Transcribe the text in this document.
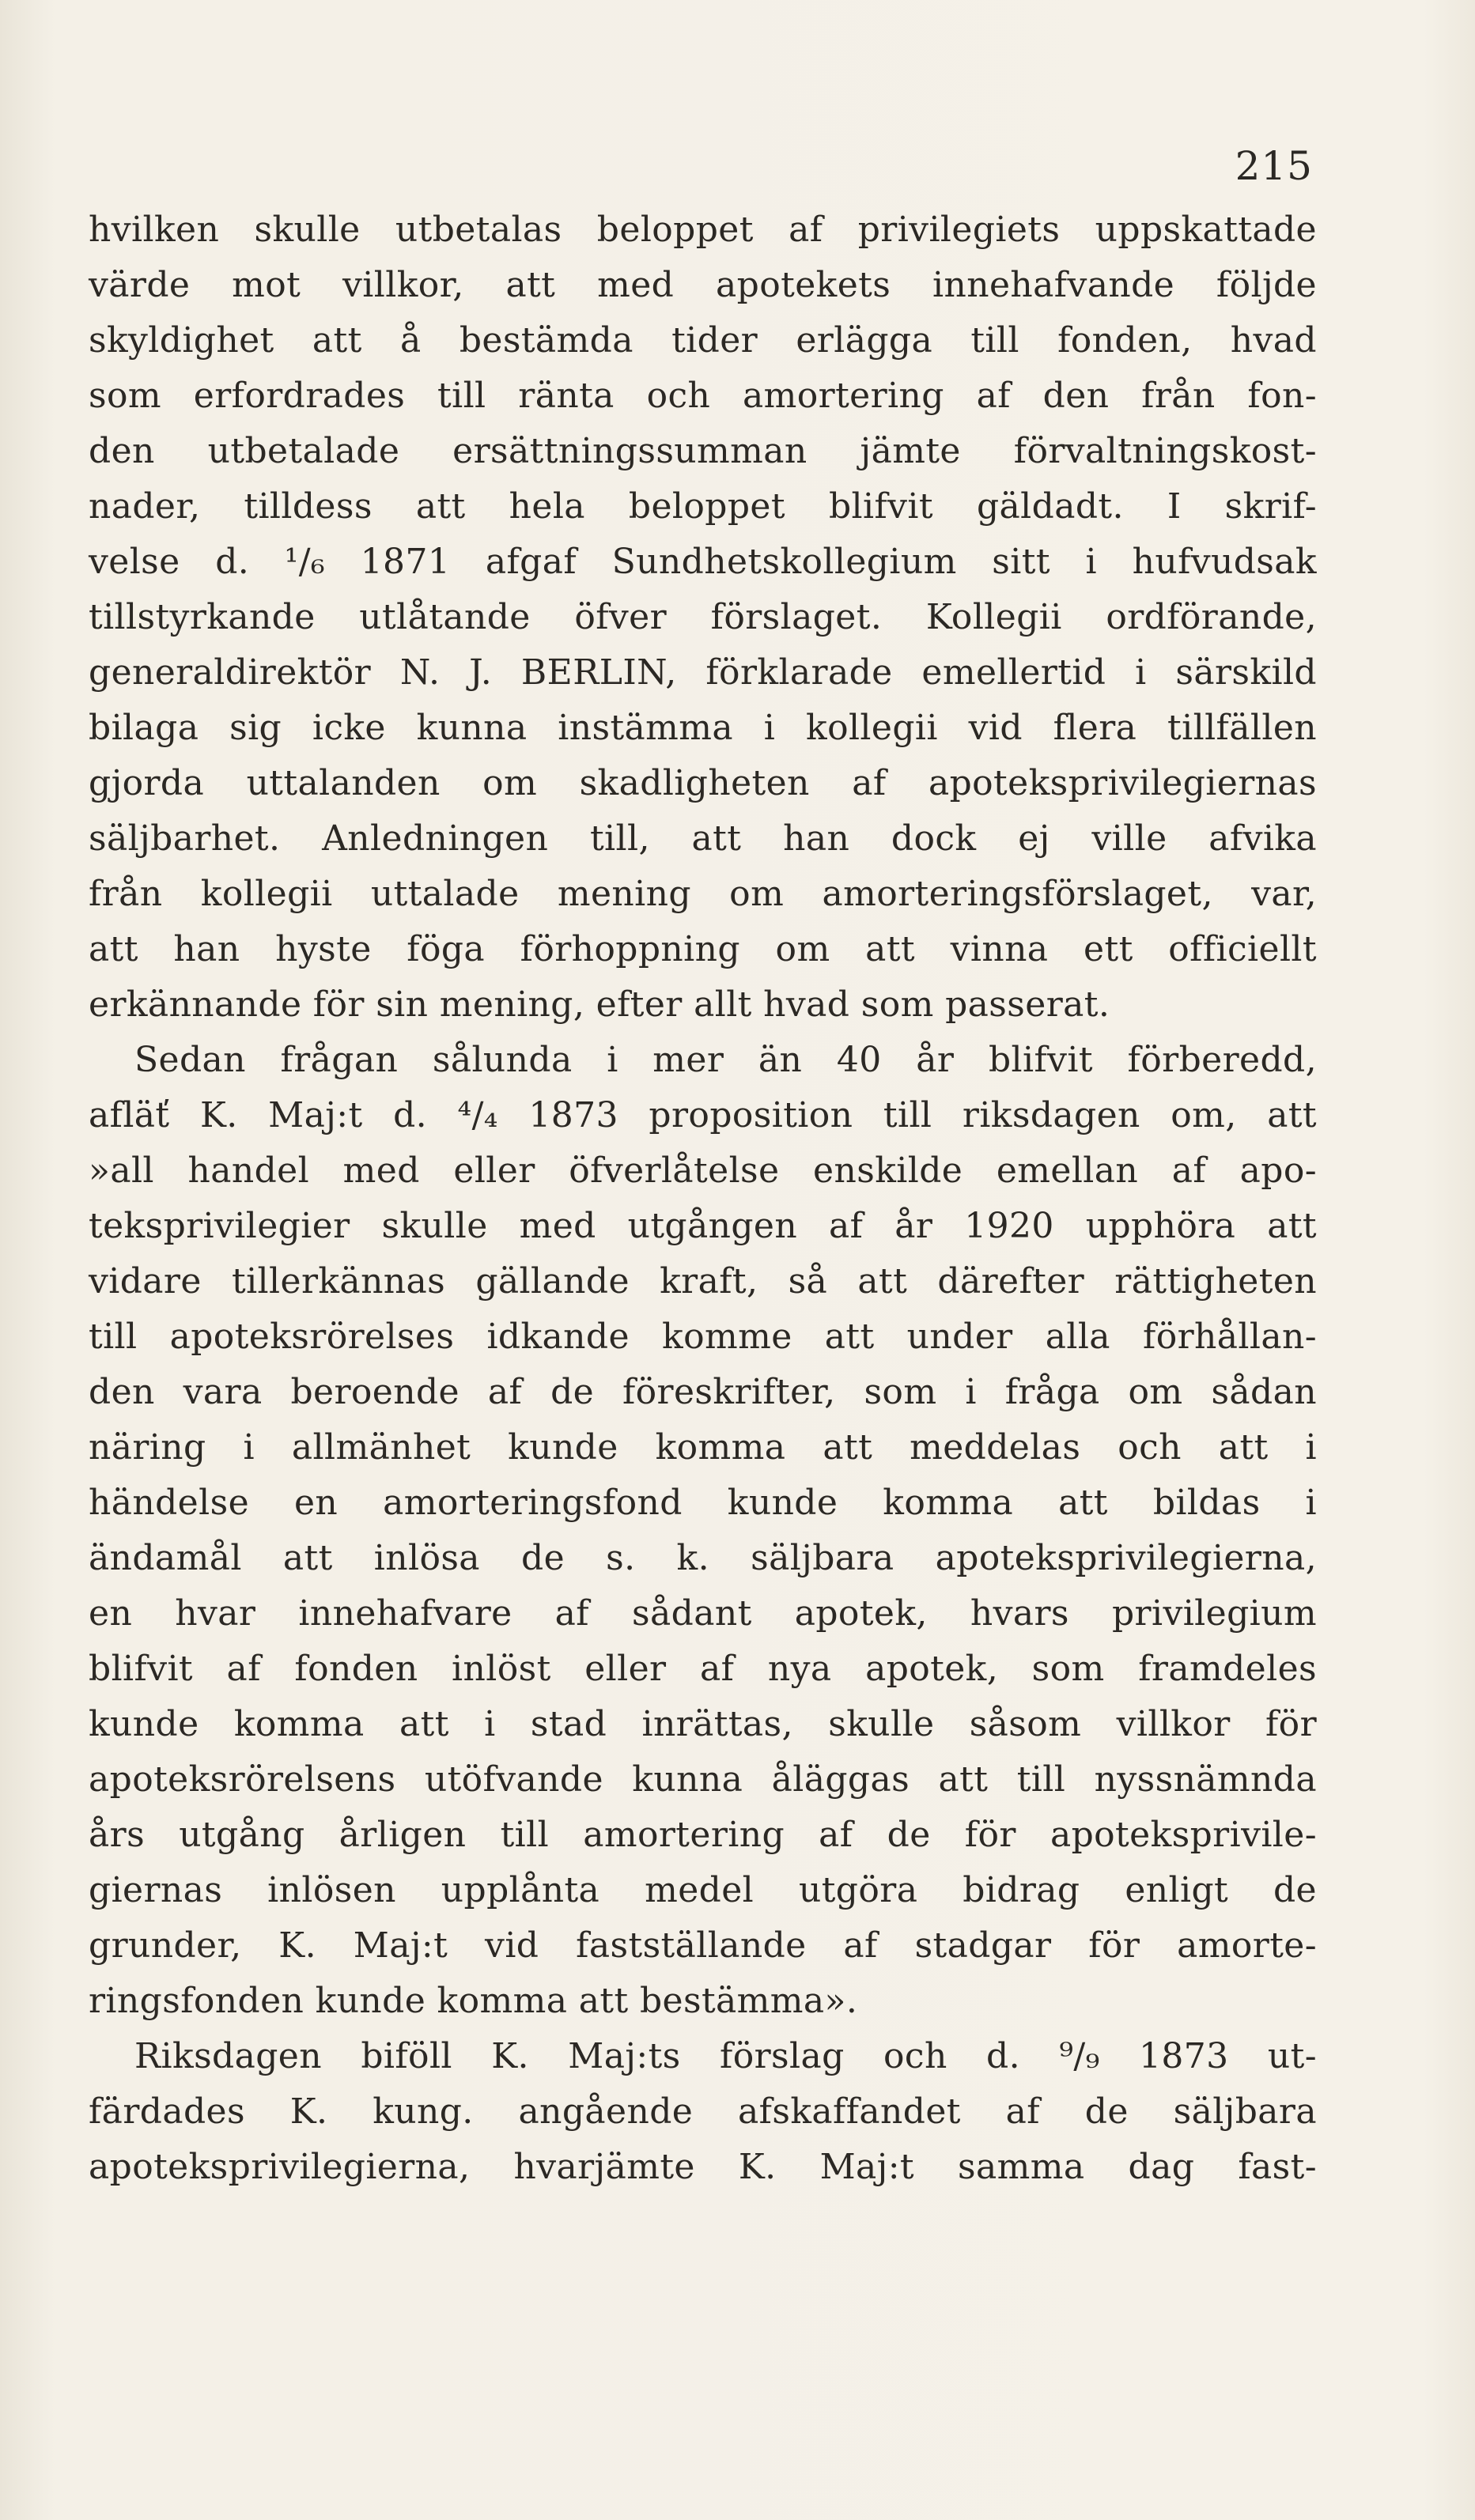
215
hvilken skulle utbetalas beloppet af privilegiets uppskattade
värde mot villkor, att med apotekets innehafvande följde
skyldighet att å bestämda tider erlägga till fonden, hvad
som erfordrades till ränta och amortering af den från fon-
den utbetalade ersättningssumman jämte förvaltningskost-
nader, tilldess att hela beloppet blifvit gäldadt. I skrif-
velse d. ¹/₆ 1871 afgaf Sundhetskollegium sitt i hufvudsak
tillstyrkande utlåtande öfver förslaget. Kollegii ordförande,
generaldirektör N. J. BERLIN, förklarade emellertid i särskild
bilaga sig icke kunna instämma i kollegii vid flera tillfällen
gjorda uttalanden om skadligheten af apoteksprivilegiernas
säljbarhet. Anledningen till, att han dock ej ville afvika
från kollegii uttalade mening om amorteringsförslaget, var,
att han hyste föga förhoppning om att vinna ett officiellt
erkännande för sin mening, efter allt hvad som passerat.
Sedan frågan sålunda i mer än 40 år blifvit förberedd,
afläť K. Maj:t d. ⁴/₄ 1873 proposition till riksdagen om, att
»all handel med eller öfverlåtelse enskilde emellan af apo-
teksprivilegier skulle med utgången af år 1920 upphöra att
vidare tillerkännas gällande kraft, så att därefter rättigheten
till apoteksrörelses idkande komme att under alla förhållan-
den vara beroende af de föreskrifter, som i fråga om sådan
näring i allmänhet kunde komma att meddelas och att i
händelse en amorteringsfond kunde komma att bildas i
ändamål att inlösa de s. k. säljbara apoteksprivilegierna,
en hvar innehafvare af sådant apotek, hvars privilegium
blifvit af fonden inlöst eller af nya apotek, som framdeles
kunde komma att i stad inrättas, skulle såsom villkor för
apoteksrörelsens utöfvande kunna åläggas att till nyssnämnda
års utgång årligen till amortering af de för apoteksprivile-
giernas inlösen upplånta medel utgöra bidrag enligt de
grunder, K. Maj:t vid fastställande af stadgar för amorte-
ringsfonden kunde komma att bestämma».
Riksdagen biföll K. Maj:ts förslag och d. ⁹/₉ 1873 ut-
färdades K. kung. angående afskaffandet af de säljbara
apoteksprivilegierna, hvarjämte K. Maj:t samma dag fast-
